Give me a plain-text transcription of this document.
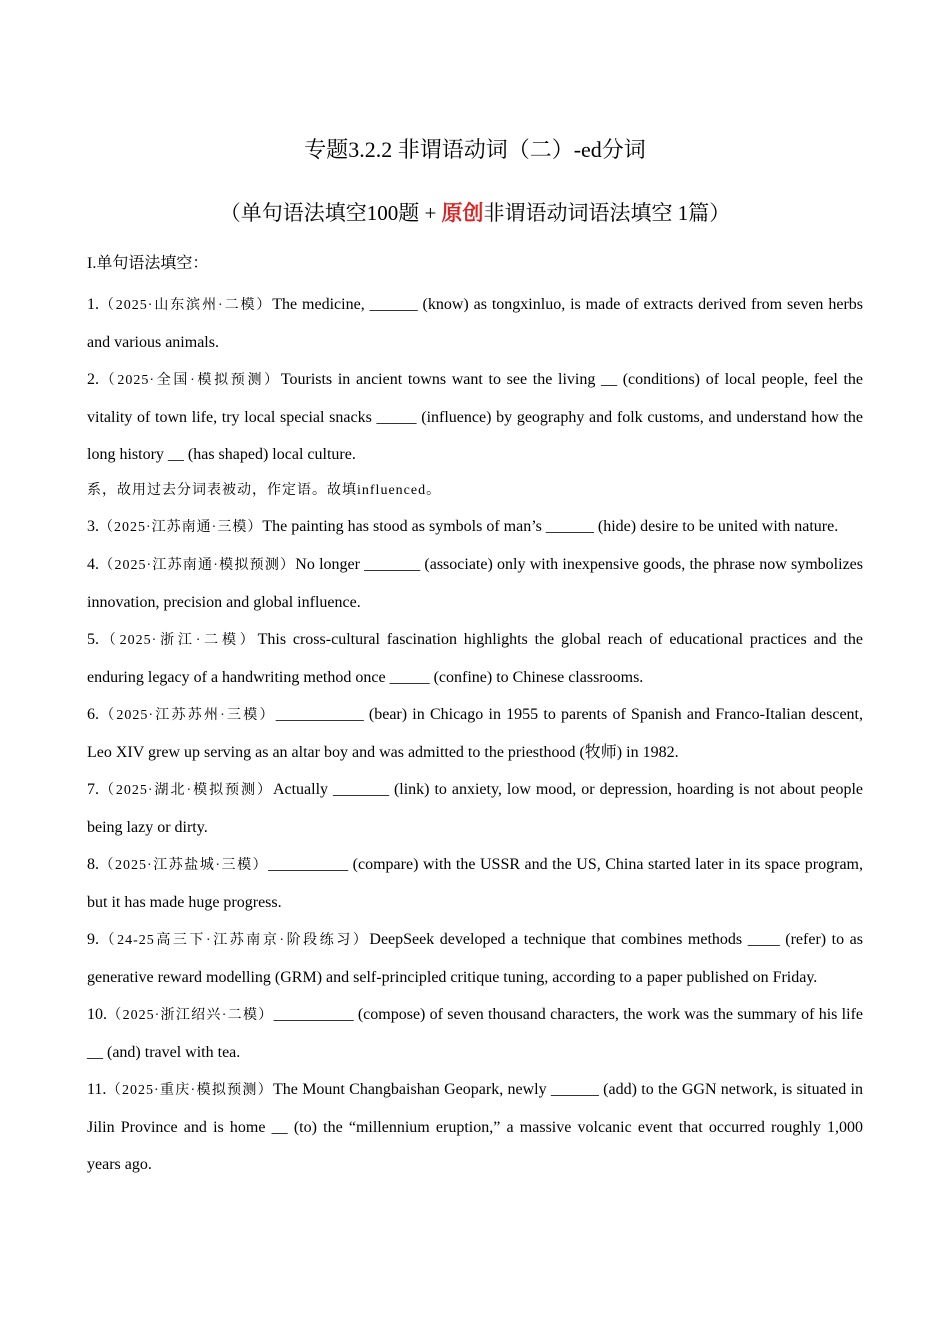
专题3.2.2 非谓语动词（二）-ed分词
（单句语法填空100题 + 原创非谓语动词语法填空 1篇）

I.单句语法填空：

1.（2025·山东滨州·二模）The medicine, ______ (know) as tongxinluo, is made of extracts derived from seven herbs and various animals.

2.（2025·全国·模拟预测）Tourists in ancient towns want to see the living __ (conditions) of local people, feel the vitality of town life, try local special snacks _____ (influence) by geography and folk customs, and understand how the long history __ (has shaped) local culture.

系，故用过去分词表被动，作定语。故填influenced。

3.（2025·江苏南通·三模）The painting has stood as symbols of man’s ______ (hide) desire to be united with nature.

4.（2025·江苏南通·模拟预测）No longer _______ (associate) only with inexpensive goods, the phrase now symbolizes innovation, precision and global influence.

5.（2025·浙江·二模）This cross-cultural fascination highlights the global reach of educational practices and the enduring legacy of a handwriting method once _____ (confine) to Chinese classrooms.

6.（2025·江苏苏州·三模）___________ (bear) in Chicago in 1955 to parents of Spanish and Franco-Italian descent, Leo XIV grew up serving as an altar boy and was admitted to the priesthood (牧师) in 1982.

7.（2025·湖北·模拟预测）Actually _______ (link) to anxiety, low mood, or depression, hoarding is not about people being lazy or dirty.

8.（2025·江苏盐城·三模）__________ (compare) with the USSR and the US, China started later in its space program, but it has made huge progress.

9.（24-25高三下·江苏南京·阶段练习）DeepSeek developed a technique that combines methods ____ (refer) to as generative reward modelling (GRM) and self-principled critique tuning, according to a paper published on Friday.

10.（2025·浙江绍兴·二模）__________ (compose) of seven thousand characters, the work was the summary of his life __ (and) travel with tea.

11.（2025·重庆·模拟预测）The Mount Changbaishan Geopark, newly ______ (add) to the GGN network, is situated in Jilin Province and is home __ (to) the “millennium eruption,” a massive volcanic event that occurred roughly 1,000 years ago.
